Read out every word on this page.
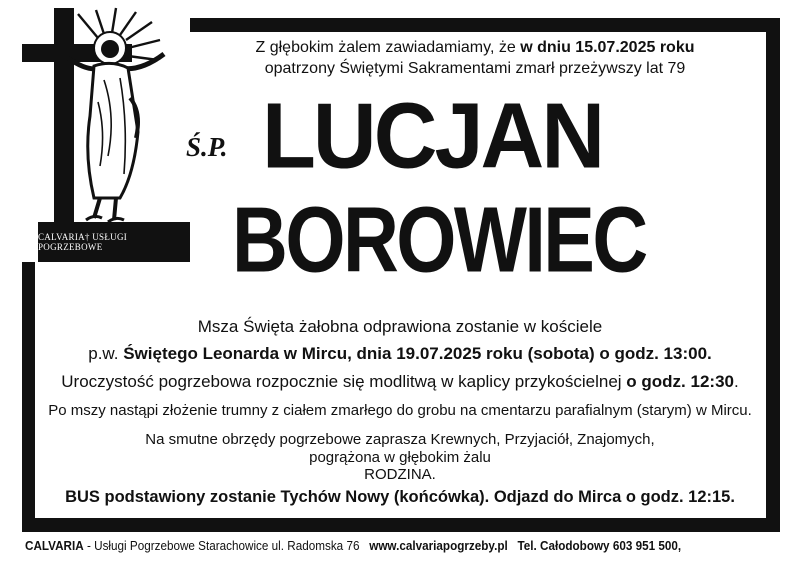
CALVARIA† USŁUGI POGRZEBOWE
Z głębokim żalem zawiadamiamy, że w dniu 15.07.2025 roku
opatrzony Świętymi Sakramentami zmarł przeżywszy lat 79
Ś.P. LUCJAN
BOROWIEC
Msza Święta żałobna odprawiona zostanie w kościele
p.w. Świętego Leonarda w Mircu, dnia 19.07.2025 roku (sobota) o godz. 13:00.
Uroczystość pogrzebowa rozpocznie się modlitwą w kaplicy przykościelnej o godz. 12:30.
Po mszy nastąpi złożenie trumny z ciałem zmarłego do grobu na cmentarzu parafialnym (starym) w Mircu.
Na smutne obrzędy pogrzebowe zaprasza Krewnych, Przyjaciół, Znajomych,
pogrążona w głębokim żalu
RODZINA.
BUS podstawiony zostanie Tychów Nowy (końcówka). Odjazd do Mirca o godz. 12:15.
CALVARIA - Usługi Pogrzebowe Starachowice ul. Radomska 76 www.calvariapogrzeby.pl Tel. Całodobowy 603 951 500,
